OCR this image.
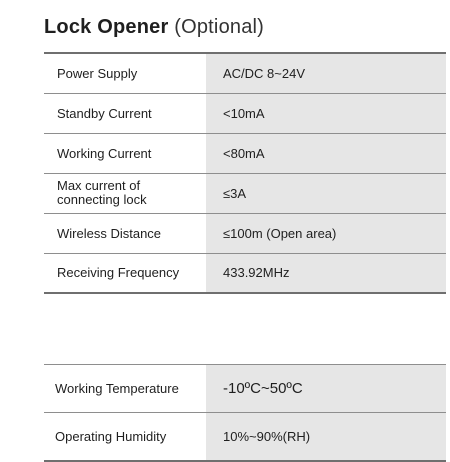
Lock Opener (Optional)
Power Supply	AC/DC 8~24V
Standby Current	<10mA
Working Current	<80mA
Max current of
connecting lock	≤3A
Wireless Distance	≤100m (Open area)
Receiving Frequency	433.92MHz
Working Temperature	-10ºC~50ºC
Operating Humidity	10%~90%(RH)
